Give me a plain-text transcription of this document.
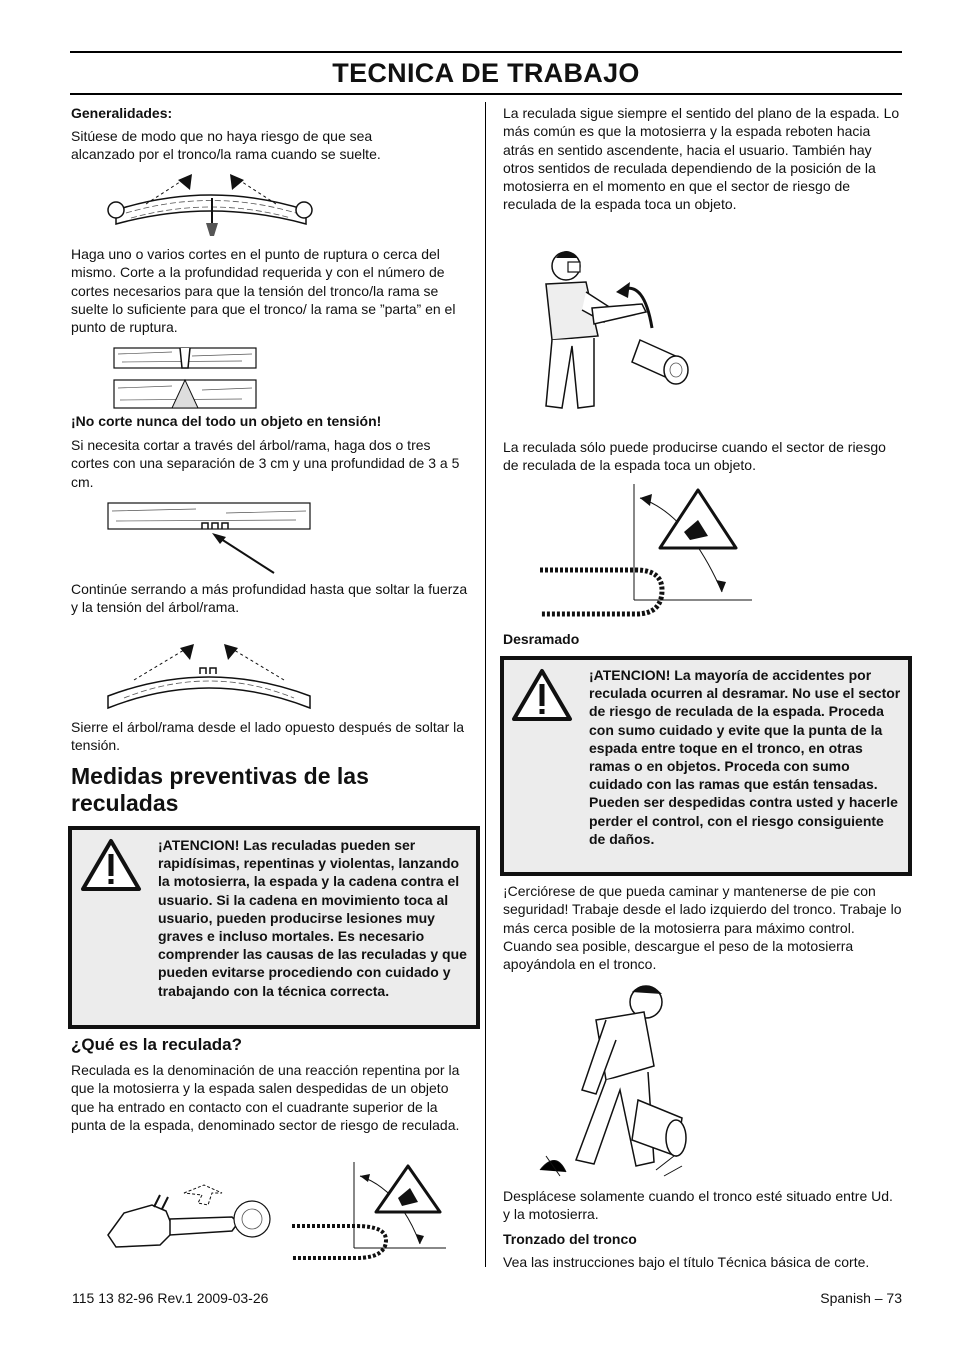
TECNICA DE TRABAJO

Generalidades:

Sitúese de modo que no haya riesgo de que sea alcanzado por el tronco/la rama cuando se suelte.

Haga uno o varios cortes en el punto de ruptura o cerca del mismo. Corte a la profundidad requerida y con el número de cortes necesarios para que la tensión del tronco/la rama se suelte lo suficiente para que el tronco/ la rama se ”parta” en el punto de ruptura.

¡No corte nunca del todo un objeto en tensión!

Si necesita cortar a través del árbol/rama, haga dos o tres cortes con una separación de 3 cm y una profundidad de 3 a 5 cm.

Continúe serrando a más profundidad hasta que soltar la fuerza y la tensión del árbol/rama.

Sierre el árbol/rama desde el lado opuesto después de soltar la tensión.

Medidas preventivas de las reculadas

¡ATENCION! Las reculadas pueden ser rapidísimas, repentinas y violentas, lanzando la motosierra, la espada y la cadena contra el usuario. Si la cadena en movimiento toca al usuario, pueden producirse lesiones muy graves e incluso mortales. Es necesario comprender las causas de las reculadas y que pueden evitarse procediendo con cuidado y trabajando con la técnica correcta.

¿Qué es la reculada?

Reculada es la denominación de una reacción repentina por la que la motosierra y la espada salen despedidas de un objeto que ha entrado en contacto con el cuadrante superior de la punta de la espada, denominado sector de riesgo de reculada.

La reculada sigue siempre el sentido del plano de la espada. Lo más común es que la motosierra y la espada reboten hacia atrás en sentido ascendente, hacia el usuario. También hay otros sentidos de reculada dependiendo de la posición de la motosierra en el momento en que el sector de riesgo de reculada de la espada toca un objeto.

La reculada sólo puede producirse cuando el sector de riesgo de reculada de la espada toca un objeto.

Desramado

¡ATENCION! La mayoría de accidentes por reculada ocurren al desramar. No use el sector de riesgo de reculada de la espada. Proceda con sumo cuidado y evite que la punta de la espada entre toque en el tronco, en otras ramas o en objetos. Proceda con sumo cuidado con las ramas que están tensadas. Pueden ser despedidas contra usted y hacerle perder el control, con el riesgo consiguiente de daños.

¡Cerciórese de que pueda caminar y mantenerse de pie con seguridad! Trabaje desde el lado izquierdo del tronco. Trabaje lo más cerca posible de la motosierra para máximo control. Cuando sea posible, descargue el peso de la motosierra apoyándola en el tronco.

Desplácese solamente cuando el tronco esté situado entre Ud. y la motosierra.

Tronzado del tronco

Vea las instrucciones bajo el título Técnica básica de corte.

115 13 82-96 Rev.1 2009-03-26	Spanish – 73
